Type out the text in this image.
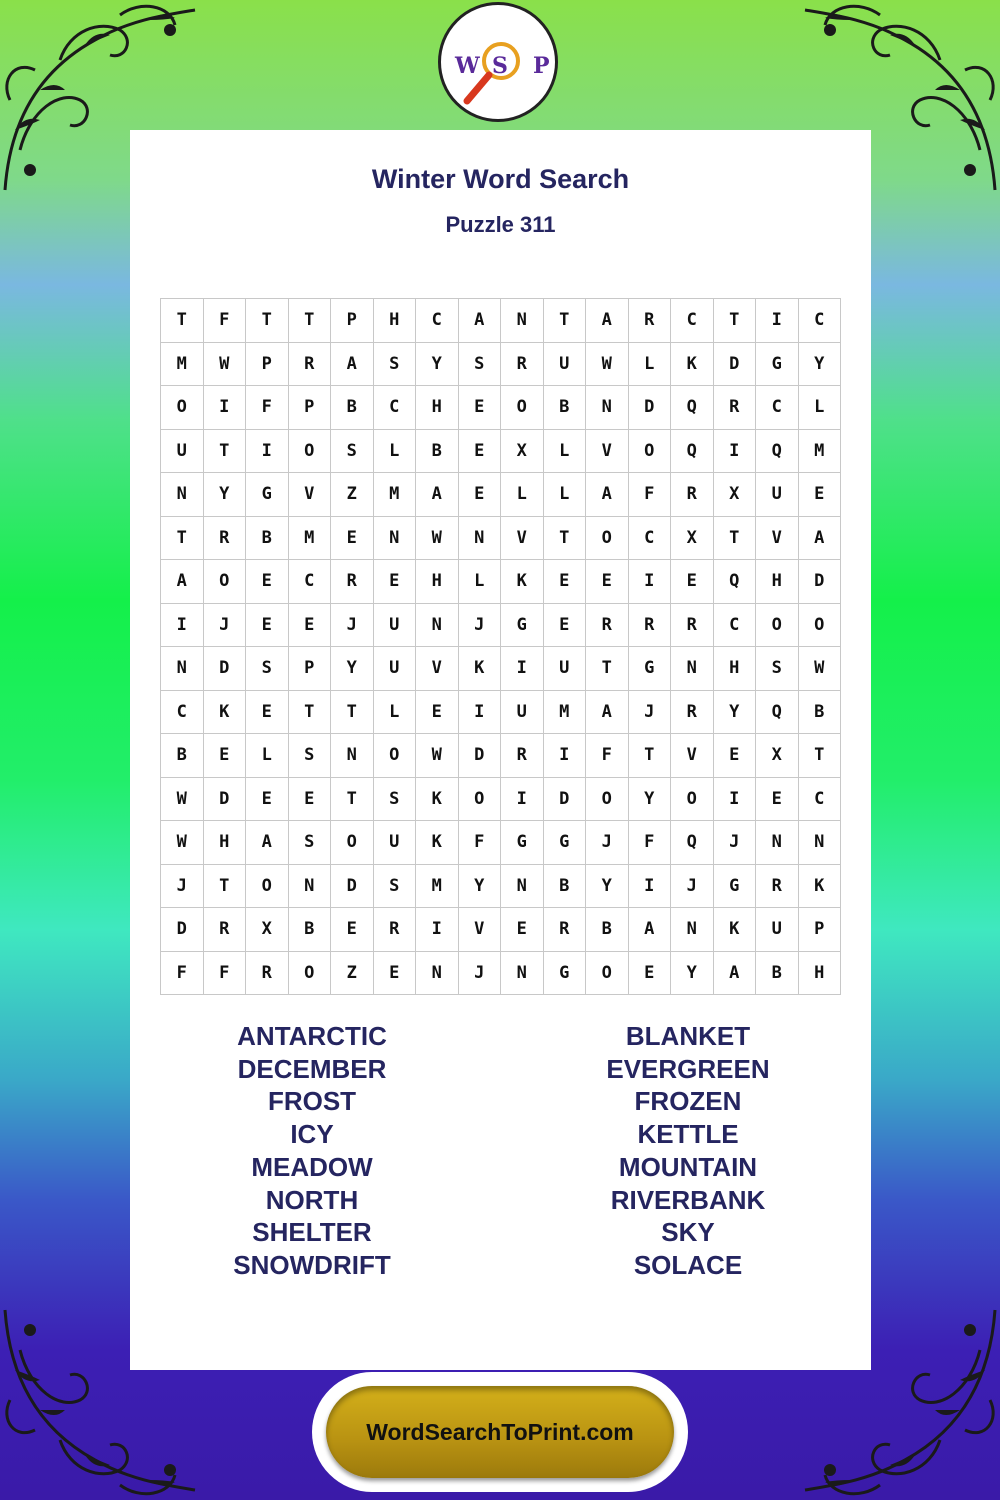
W S P
Winter Word Search
Puzzle 311
T	F	T	T	P	H	C	A	N	T	A	R	C	T	I	C
M	W	P	R	A	S	Y	S	R	U	W	L	K	D	G	Y
O	I	F	P	B	C	H	E	O	B	N	D	Q	R	C	L
U	T	I	O	S	L	B	E	X	L	V	O	Q	I	Q	M
N	Y	G	V	Z	M	A	E	L	L	A	F	R	X	U	E
T	R	B	M	E	N	W	N	V	T	O	C	X	T	V	A
A	O	E	C	R	E	H	L	K	E	E	I	E	Q	H	D
I	J	E	E	J	U	N	J	G	E	R	R	R	C	O	O
N	D	S	P	Y	U	V	K	I	U	T	G	N	H	S	W
C	K	E	T	T	L	E	I	U	M	A	J	R	Y	Q	B
B	E	L	S	N	O	W	D	R	I	F	T	V	E	X	T
W	D	E	E	T	S	K	O	I	D	O	Y	O	I	E	C
W	H	A	S	O	U	K	F	G	G	J	F	Q	J	N	N
J	T	O	N	D	S	M	Y	N	B	Y	I	J	G	R	K
D	R	X	B	E	R	I	V	E	R	B	A	N	K	U	P
F	F	R	O	Z	E	N	J	N	G	O	E	Y	A	B	H
ANTARCTIC
DECEMBER
FROST
ICY
MEADOW
NORTH
SHELTER
SNOWDRIFT
BLANKET
EVERGREEN
FROZEN
KETTLE
MOUNTAIN
RIVERBANK
SKY
SOLACE
WordSearchToPrint.com
